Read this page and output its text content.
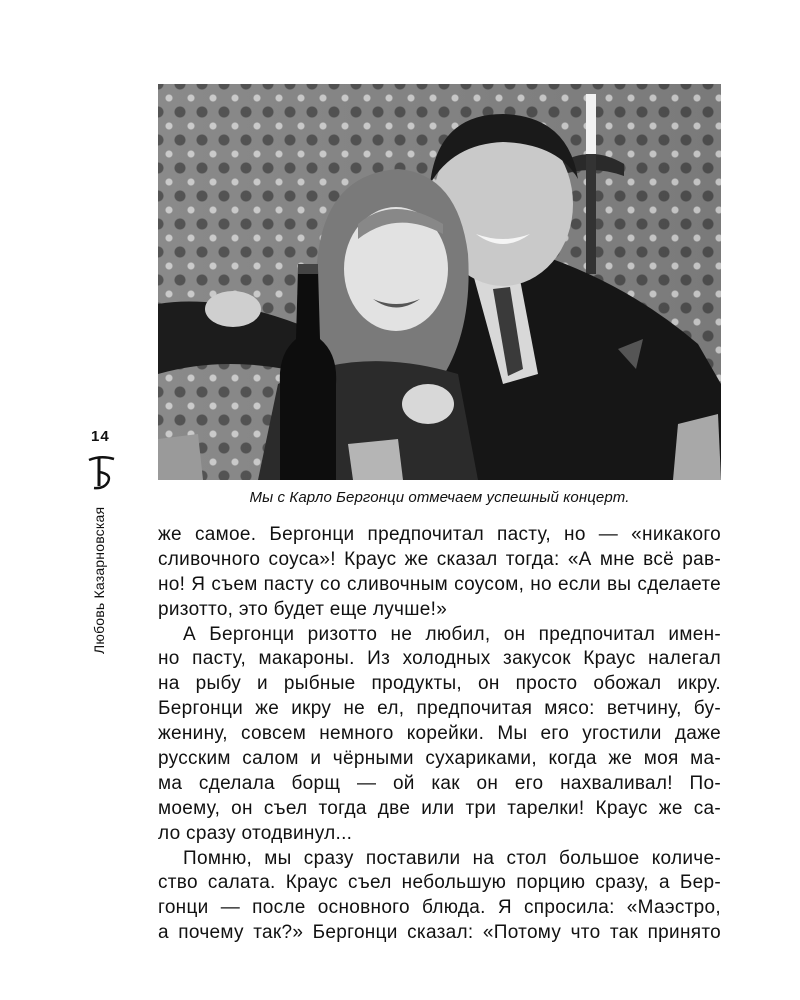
Мы с Карло Бергонци отмечаем успешный концерт.
14
Любовь Казарновская	же самое. Бергонци предпочитал пасту, но — «никакого
сливочного соуса»! Краус же сказал тогда: «А мне всё рав-
но! Я съем пасту со сливочным соусом, но если вы сделаете
ризотто, это будет еще лучше!»
А Бергонци ризотто не любил, он предпочитал имен-
но пасту, макароны. Из холодных закусок Краус налегал
на рыбу и рыбные продукты, он просто обожал икру.
Бергонци же икру не ел, предпочитая мясо: ветчину, бу-
женину, совсем немного корейки. Мы его угостили даже
русским салом и чёрными сухариками, когда же моя ма-
ма сделала борщ — ой как он его нахваливал! По-
моему, он съел тогда две или три тарелки! Краус же са-
ло сразу отодвинул...
Помню, мы сразу поставили на стол большое количе-
ство салата. Краус съел небольшую порцию сразу, а Бер-
гонци — после основного блюда. Я спросила: «Маэстро,
а почему так?» Бергонци сказал: «Потому что так принято
